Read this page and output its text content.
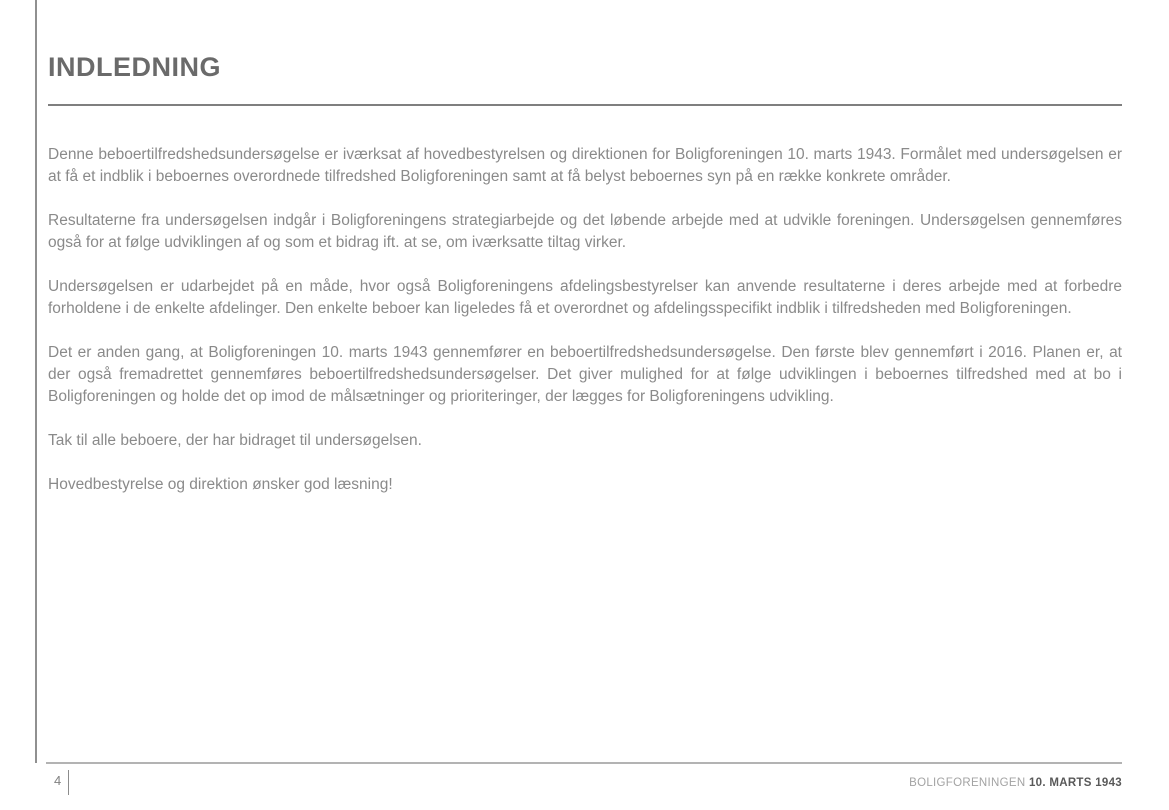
INDLEDNING

Denne beboertilfredshedsundersøgelse er iværksat af hovedbestyrelsen og direktionen for Boligforeningen 10. marts 1943. Formålet med undersøgelsen er at få et indblik i beboernes overordnede tilfredshed Boligforeningen samt at få belyst beboernes syn på en række konkrete områder.

Resultaterne fra undersøgelsen indgår i Boligforeningens strategiarbejde og det løbende arbejde med at udvikle foreningen. Undersøgelsen gennemføres også for at følge udviklingen af og som et bidrag ift. at se, om iværksatte tiltag virker.

Undersøgelsen er udarbejdet på en måde, hvor også Boligforeningens afdelingsbestyrelser kan anvende resultaterne i deres arbejde med at forbedre forholdene i de enkelte afdelinger. Den enkelte beboer kan ligeledes få et overordnet og afdelingsspecifikt indblik i tilfredsheden med Boligforeningen.

Det er anden gang, at Boligforeningen 10. marts 1943 gennemfører en beboertilfredshedsundersøgelse. Den første blev gennemført i 2016. Planen er, at der også fremadrettet gennemføres beboertilfredshedsundersøgelser. Det giver mulighed for at følge udviklingen i beboernes tilfredshed med at bo i Boligforeningen og holde det op imod de målsætninger og prioriteringer, der lægges for Boligforeningens udvikling.

Tak til alle beboere, der har bidraget til undersøgelsen.

Hovedbestyrelse og direktion ønsker god læsning!

4	BOLIGFORENINGEN 10. MARTS 1943
